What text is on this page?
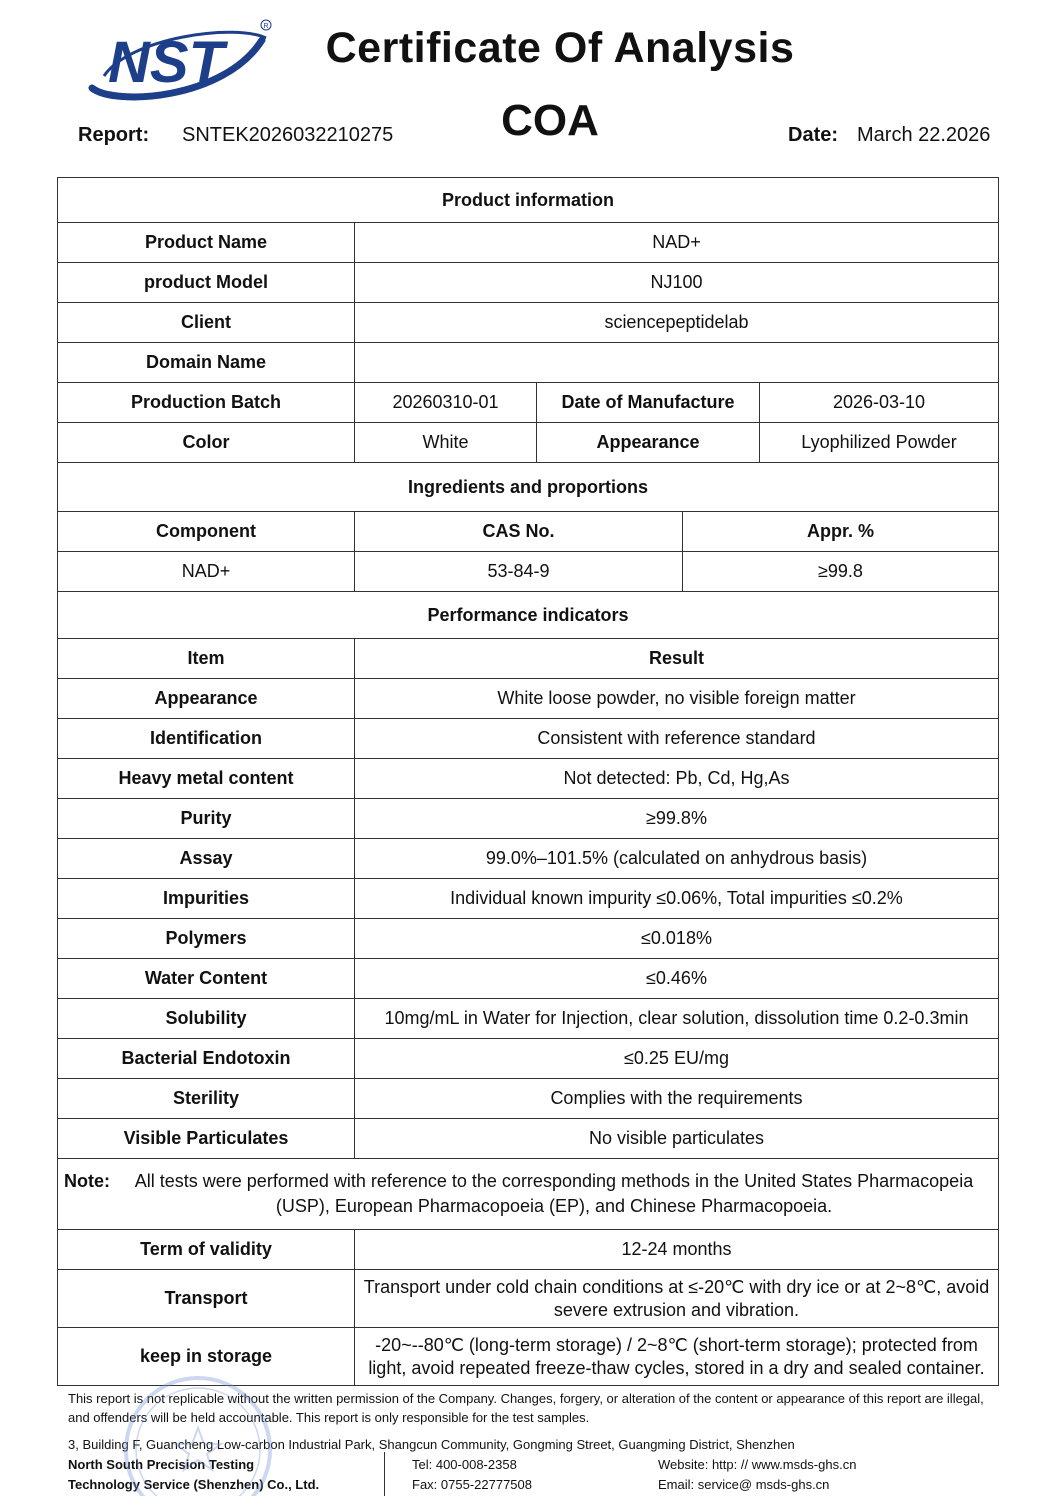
NST
R	Certificate Of Analysis
COA
Report: SNTEK2026032210275	Date: March 22.2026
Product information				
Product Name	NAD+			
product Model	NJ100			
Client	sciencepeptidelab			
Domain Name				
Production Batch	20260310-01	Date of Manufacture		2026-03-10
Color	White	Appearance		Lyophilized Powder
Ingredients and proportions				
Component	CAS No.		Appr. %	
NAD+	53-84-9		≥99.8	
Performance indicators				
Item	Result			
Appearance	White loose powder, no visible foreign matter			
Identification	Consistent with reference standard			
Heavy metal content	Not detected: Pb, Cd, Hg,As			
Purity	≥99.8%			
Assay	99.0%–101.5% (calculated on anhydrous basis)			
Impurities	Individual known impurity ≤0.06%, Total impurities ≤0.2%			
Polymers	≤0.018%			
Water Content	≤0.46%			
Solubility	10mg/mL in Water for Injection, clear solution, dissolution time 0.2-0.3min			
Bacterial Endotoxin	≤0.25 EU/mg			
Sterility	Complies with the requirements			
Visible Particulates	No visible particulates			

Note: All tests were performed with reference to the corresponding methods in the United States Pharmacopeia (USP), European Pharmacopoeia (EP), and Chinese Pharmacopoeia.				

Term of validity	12-24 months			
Transport	Transport under cold chain conditions at ≤-20℃ with dry ice or at 2~8℃, avoid severe extrusion and vibration.			
keep in storage	-20~--80℃ (long-term storage) / 2~8℃ (short-term storage); protected from light, avoid repeated freeze-thaw cycles, stored in a dry and sealed container.			
This report is not replicable without the written permission of the Company. Changes, forgery, or alteration of the content or appearance of this report are illegal, and offenders will be held accountable. This report is only responsible for the test samples.
3, Building F, Guancheng Low-carbon Industrial Park, Shangcun Community, Gongming Street, Guangming District, Shenzhen
North South Precision Testing
Technology Service (Shenzhen) Co., Ltd.
Tel: 400-008-2358
Fax: 0755-22777508
Website: http: // www.msds-ghs.cn
Email: service@ msds-ghs.cn
